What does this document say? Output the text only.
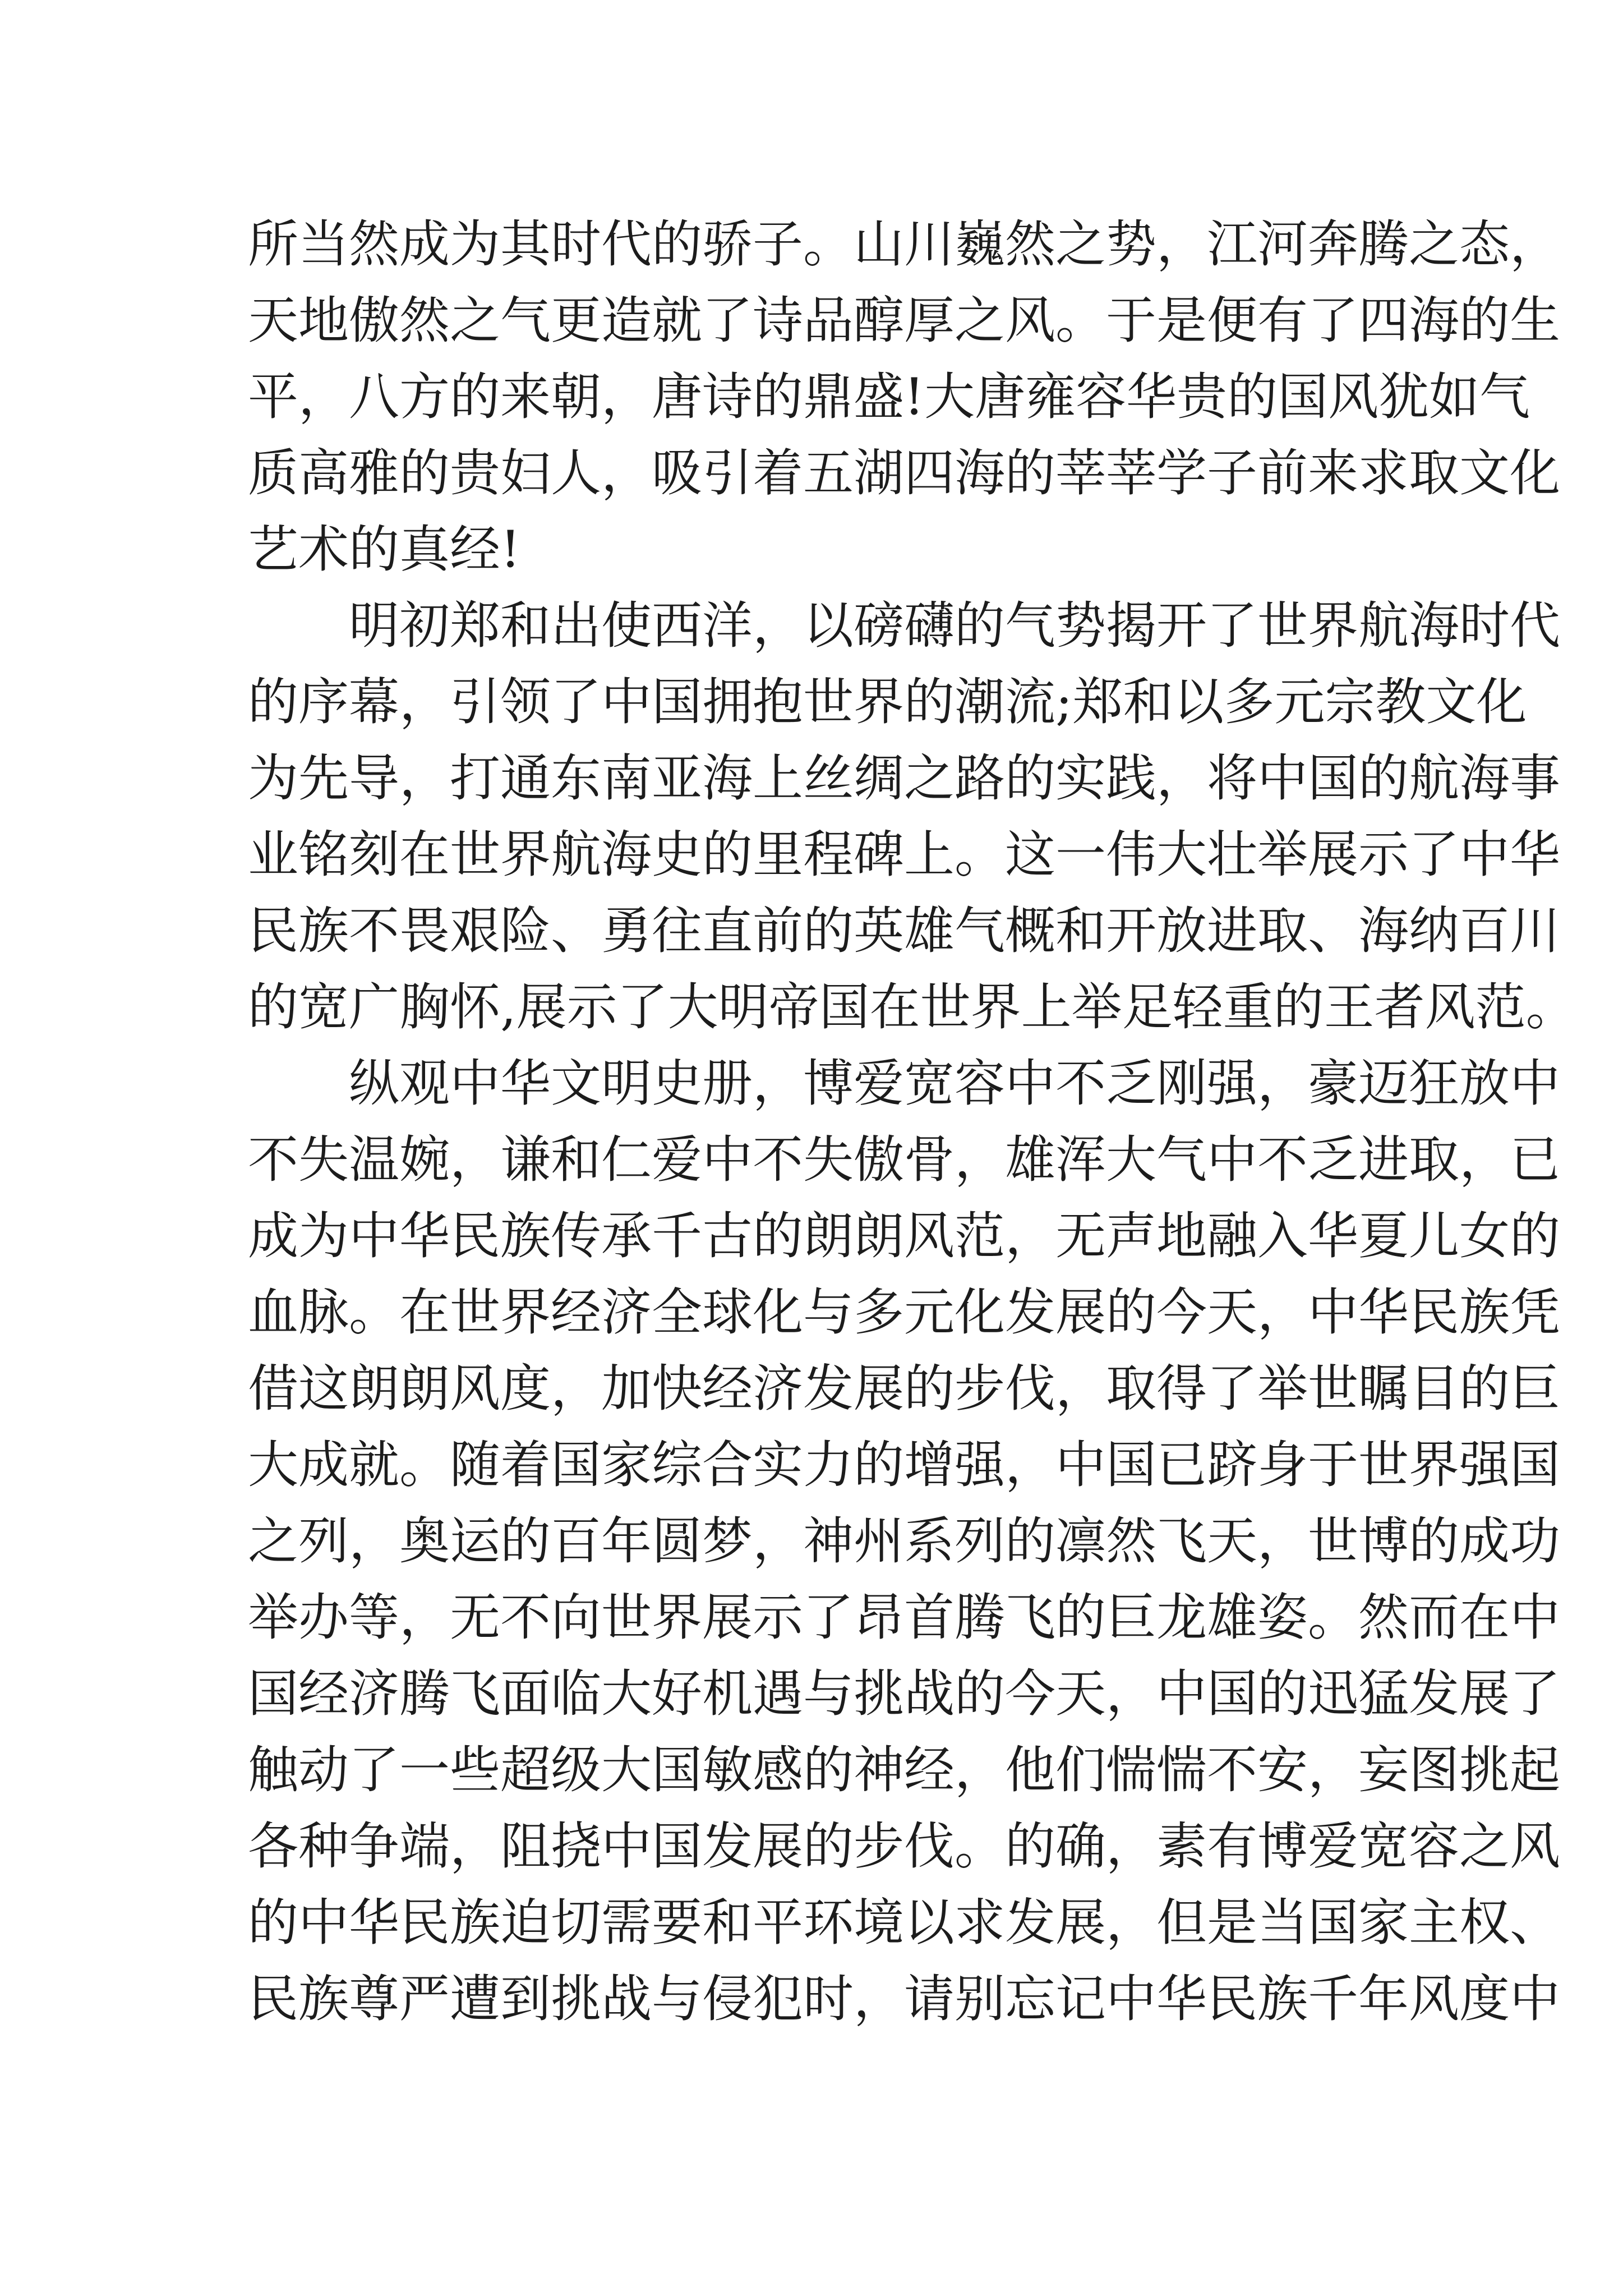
所当然成为其时代的骄子。山川巍然之势，江河奔腾之态，
天地傲然之气更造就了诗品醇厚之风。于是便有了四海的生
平，八方的来朝，唐诗的鼎盛!大唐雍容华贵的国风犹如气
质高雅的贵妇人，吸引着五湖四海的莘莘学子前来求取文化
艺术的真经!
明初郑和出使西洋，以磅礴的气势揭开了世界航海时代
的序幕，引领了中国拥抱世界的潮流;郑和以多元宗教文化
为先导，打通东南亚海上丝绸之路的实践，将中国的航海事
业铭刻在世界航海史的里程碑上。这一伟大壮举展示了中华
民族不畏艰险、勇往直前的英雄气概和开放进取、海纳百川
的宽广胸怀,展示了大明帝国在世界上举足轻重的王者风范。
纵观中华文明史册，博爱宽容中不乏刚强，豪迈狂放中
不失温婉，谦和仁爱中不失傲骨，雄浑大气中不乏进取，已
成为中华民族传承千古的朗朗风范，无声地融入华夏儿女的
血脉。在世界经济全球化与多元化发展的今天，中华民族凭
借这朗朗风度，加快经济发展的步伐，取得了举世瞩目的巨
大成就。随着国家综合实力的增强，中国已跻身于世界强国
之列，奥运的百年圆梦，神州系列的凛然飞天，世博的成功
举办等，无不向世界展示了昂首腾飞的巨龙雄姿。然而在中
国经济腾飞面临大好机遇与挑战的今天，中国的迅猛发展了
触动了一些超级大国敏感的神经，他们惴惴不安，妄图挑起
各种争端，阻挠中国发展的步伐。的确，素有博爱宽容之风
的中华民族迫切需要和平环境以求发展，但是当国家主权、
民族尊严遭到挑战与侵犯时，请别忘记中华民族千年风度中
